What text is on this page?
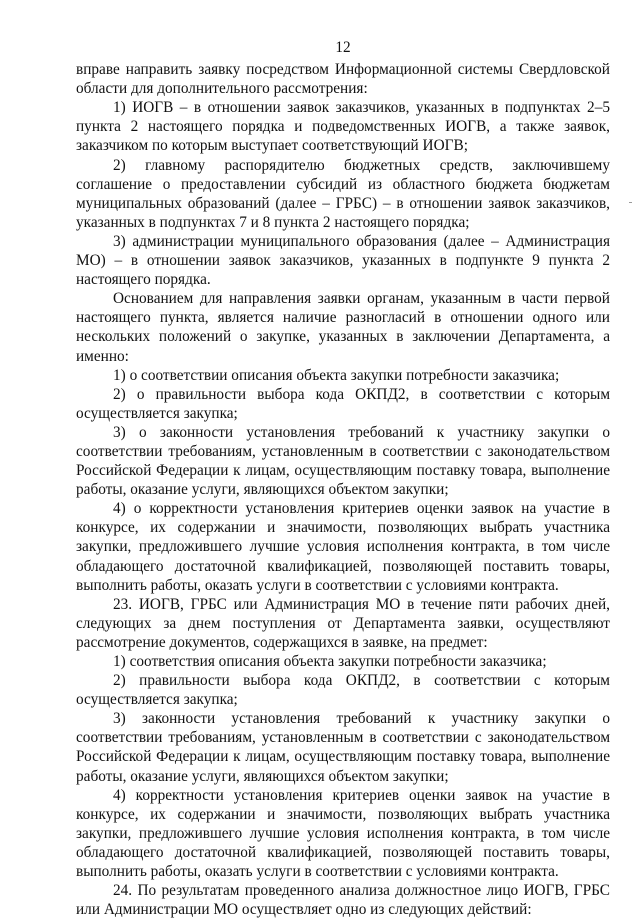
12

вправе направить заявку посредством Информационной системы Свердловской области для дополнительного рассмотрения:

1) ИОГВ – в отношении заявок заказчиков, указанных в подпунктах 2–5 пункта 2 настоящего порядка и подведомственных ИОГВ, а также заявок, заказчиком по которым выступает соответствующий ИОГВ;

2) главному распорядителю бюджетных средств, заключившему соглашение о предоставлении субсидий из областного бюджета бюджетам муниципальных образований (далее – ГРБС) – в отношении заявок заказчиков, указанных в подпунктах 7 и 8 пункта 2 настоящего порядка;

3) администрации муниципального образования (далее – Администрация МО) – в отношении заявок заказчиков, указанных в подпункте 9 пункта 2 настоящего порядка.

Основанием для направления заявки органам, указанным в части первой настоящего пункта, является наличие разногласий в отношении одного или нескольких положений о закупке, указанных в заключении Департамента, а именно:

1) о соответствии описания объекта закупки потребности заказчика;

2) о правильности выбора кода ОКПД2, в соответствии с которым осуществляется закупка;

3) о законности установления требований к участнику закупки о соответствии требованиям, установленным в соответствии с законодательством Российской Федерации к лицам, осуществляющим поставку товара, выполнение работы, оказание услуги, являющихся объектом закупки;

4) о корректности установления критериев оценки заявок на участие в конкурсе, их содержании и значимости, позволяющих выбрать участника закупки, предложившего лучшие условия исполнения контракта, в том числе обладающего достаточной квалификацией, позволяющей поставить товары, выполнить работы, оказать услуги в соответствии с условиями контракта.

23. ИОГВ, ГРБС или Администрация МО в течение пяти рабочих дней, следующих за днем поступления от Департамента заявки, осуществляют рассмотрение документов, содержащихся в заявке, на предмет:

1) соответствия описания объекта закупки потребности заказчика;

2) правильности выбора кода ОКПД2, в соответствии с которым осуществляется закупка;

3) законности установления требований к участнику закупки о соответствии требованиям, установленным в соответствии с законодательством Российской Федерации к лицам, осуществляющим поставку товара, выполнение работы, оказание услуги, являющихся объектом закупки;

4) корректности установления критериев оценки заявок на участие в конкурсе, их содержании и значимости, позволяющих выбрать участника закупки, предложившего лучшие условия исполнения контракта, в том числе обладающего достаточной квалификацией, позволяющей поставить товары, выполнить работы, оказать услуги в соответствии с условиями контракта.

24. По результатам проведенного анализа должностное лицо ИОГВ, ГРБС или Администрации МО осуществляет одно из следующих действий:
